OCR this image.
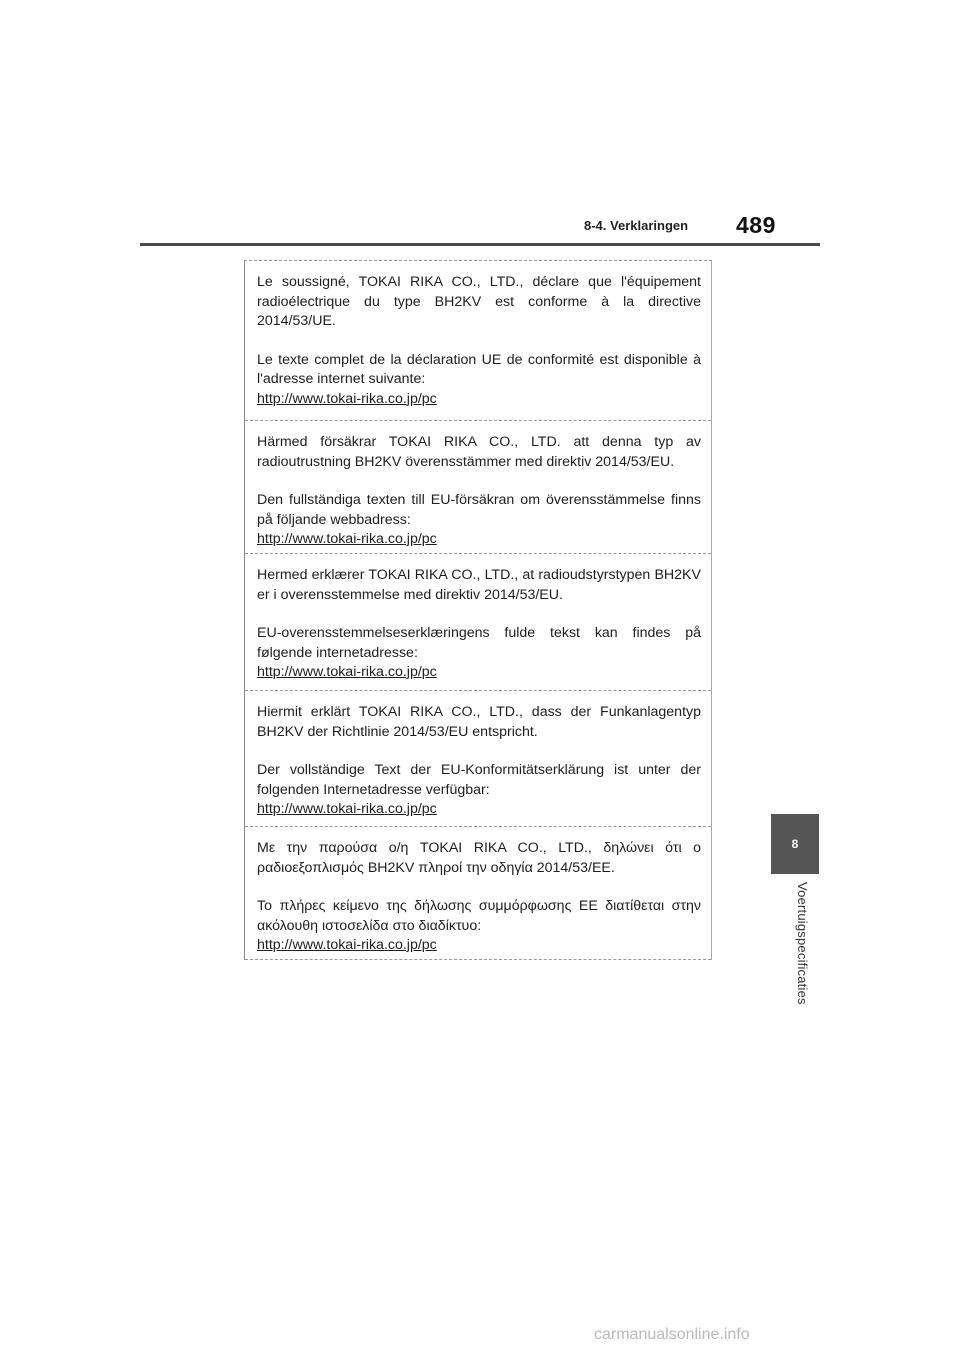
8-4. Verklaringen 489
8
Voertuigspecificaties

Le soussigné, TOKAI RIKA CO., LTD., déclare que l'équipement radioélectrique du type BH2KV est conforme à la directive 2014/53/UE.

Le texte complet de la déclaration UE de conformité est disponible à l'adresse internet suivante:

http://www.tokai-rika.co.jp/pc

Härmed försäkrar TOKAI RIKA CO., LTD. att denna typ av radioutrustning BH2KV överensstämmer med direktiv 2014/53/EU.

Den fullständiga texten till EU-försäkran om överensstämmelse finns på följande webbadress:

http://www.tokai-rika.co.jp/pc

Hermed erklærer TOKAI RIKA CO., LTD., at radioudstyrstypen BH2KV er i overensstemmelse med direktiv 2014/53/EU.

EU-overensstemmelseserklæringens fulde tekst kan findes på følgende internetadresse:

http://www.tokai-rika.co.jp/pc

Hiermit erklärt TOKAI RIKA CO., LTD., dass der Funkanlagentyp BH2KV der Richtlinie 2014/53/EU entspricht.

Der vollständige Text der EU-Konformitätserklärung ist unter der folgenden Internetadresse verfügbar:

http://www.tokai-rika.co.jp/pc

Με την παρούσα ο/η TOKAI RIKA CO., LTD., δηλώνει ότι ο ραδιοεξοπλισμός BH2KV πληροί την οδηγία 2014/53/ΕΕ.

Το πλήρες κείμενο της δήλωσης συμμόρφωσης ΕΕ διατίθεται στην ακόλουθη ιστοσελίδα στο διαδίκτυο:

http://www.tokai-rika.co.jp/pc

carmanualsonline.info
